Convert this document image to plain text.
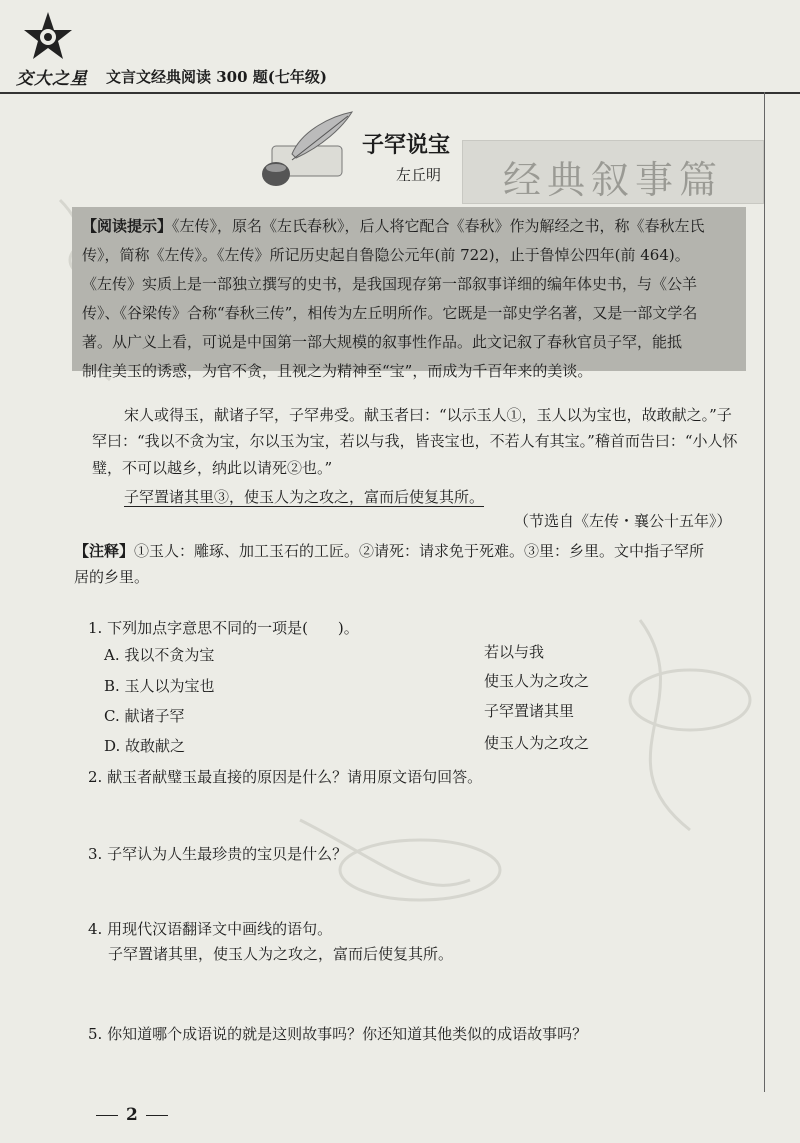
交大之星 文言文经典阅读 300 题(七年级)
经典叙事篇
子罕说宝
左丘明
【阅读提示】《左传》，原名《左氏春秋》，后人将它配合《春秋》作为解经之书，称《春秋左氏
传》，简称《左传》。《左传》所记历史起自鲁隐公元年(前 722)，止于鲁悼公四年(前 464)。
《左传》实质上是一部独立撰写的史书，是我国现存第一部叙事详细的编年体史书，与《公羊
传》、《谷梁传》合称“春秋三传”，相传为左丘明所作。它既是一部史学名著，又是一部文学名
著。从广义上看，可说是中国第一部大规模的叙事性作品。此文记叙了春秋官员子罕，能抵
制住美玉的诱惑，为官不贪，且视之为精神至“宝”，而成为千百年来的美谈。

宋人或得玉，献诸子罕，子罕弗受。献玉者曰：“以示玉人①，玉人以为宝也，故敢献之。”子

罕曰：“我以不贪为宝，尔以玉为宝，若以与我，皆丧宝也，不若人有其宝。”稽首而告曰：“小人怀

璧，不可以越乡，纳此以请死②也。”

子罕置诸其里③，使玉人为之攻之，富而后使复其所。

（节选自《左传・襄公十五年》）

【注释】①玉人：雕琢、加工玉石的工匠。②请死：请求免于死难。③里：乡里。文中指子罕所

居的乡里。

1. 下列加点字意思不同的一项是(　　)。
A. 我以不贪为宝	若以与我
B. 玉人以为宝也	使玉人为之攻之
C. 献诸子罕	子罕置诸其里
D. 故敢献之	使玉人为之攻之
2. 献玉者献璧玉最直接的原因是什么？请用原文语句回答。
3. 子罕认为人生最珍贵的宝贝是什么？
4. 用现代汉语翻译文中画线的语句。
子罕置诸其里，使玉人为之攻之，富而后使复其所。
5. 你知道哪个成语说的就是这则故事吗？你还知道其他类似的成语故事吗？
2
